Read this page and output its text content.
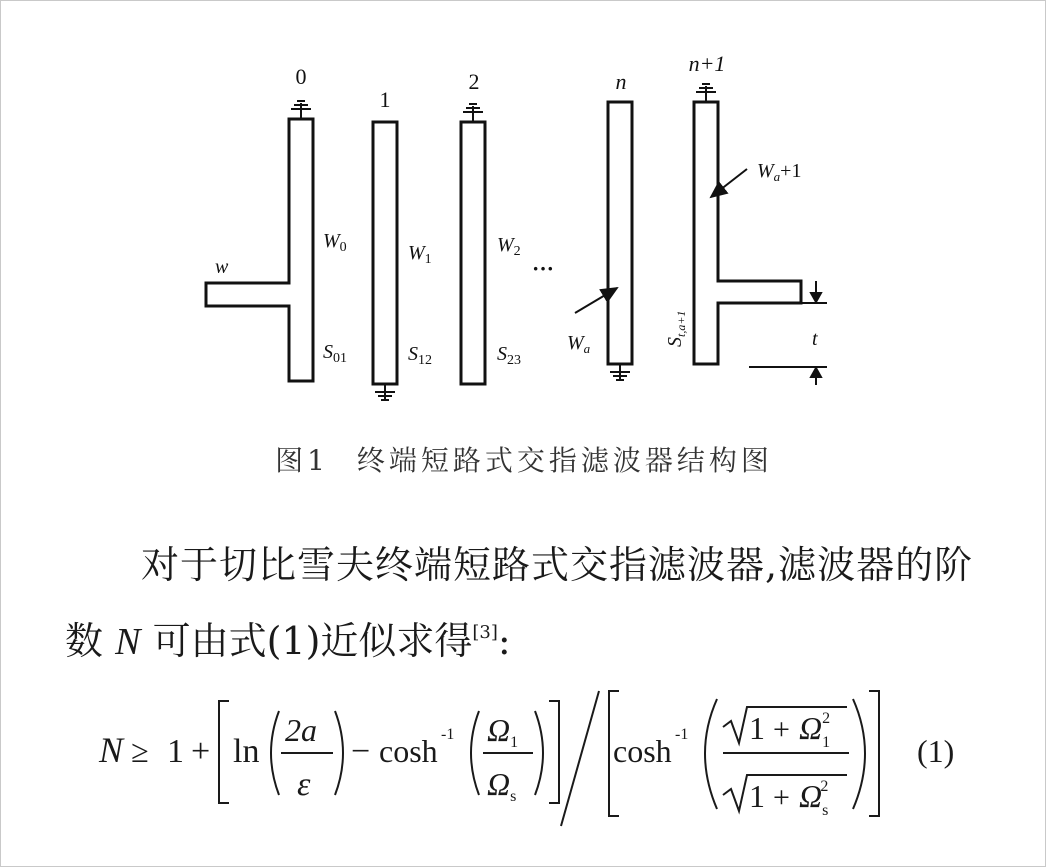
0
1
2	n
n+1
$W_0$	$W_1$
$W_2$
$W_a$
$W_a+1$
w
t
$S_{01}$	$S_{12}$	$S_{23}$
$S_{t,a+1}$
···
图1 终端短路式交指滤波器结构图
对于切比雪夫终端短路式交指滤波器,滤波器的阶
数 N 可由式(1)近似求得[3]:
N ≥ 1 + ln
2a
ε
− cosh -1 Ω1
Ωs
cosh -1 $1 + \Omega_12$
$1 + \Omega_s2$
(1)
